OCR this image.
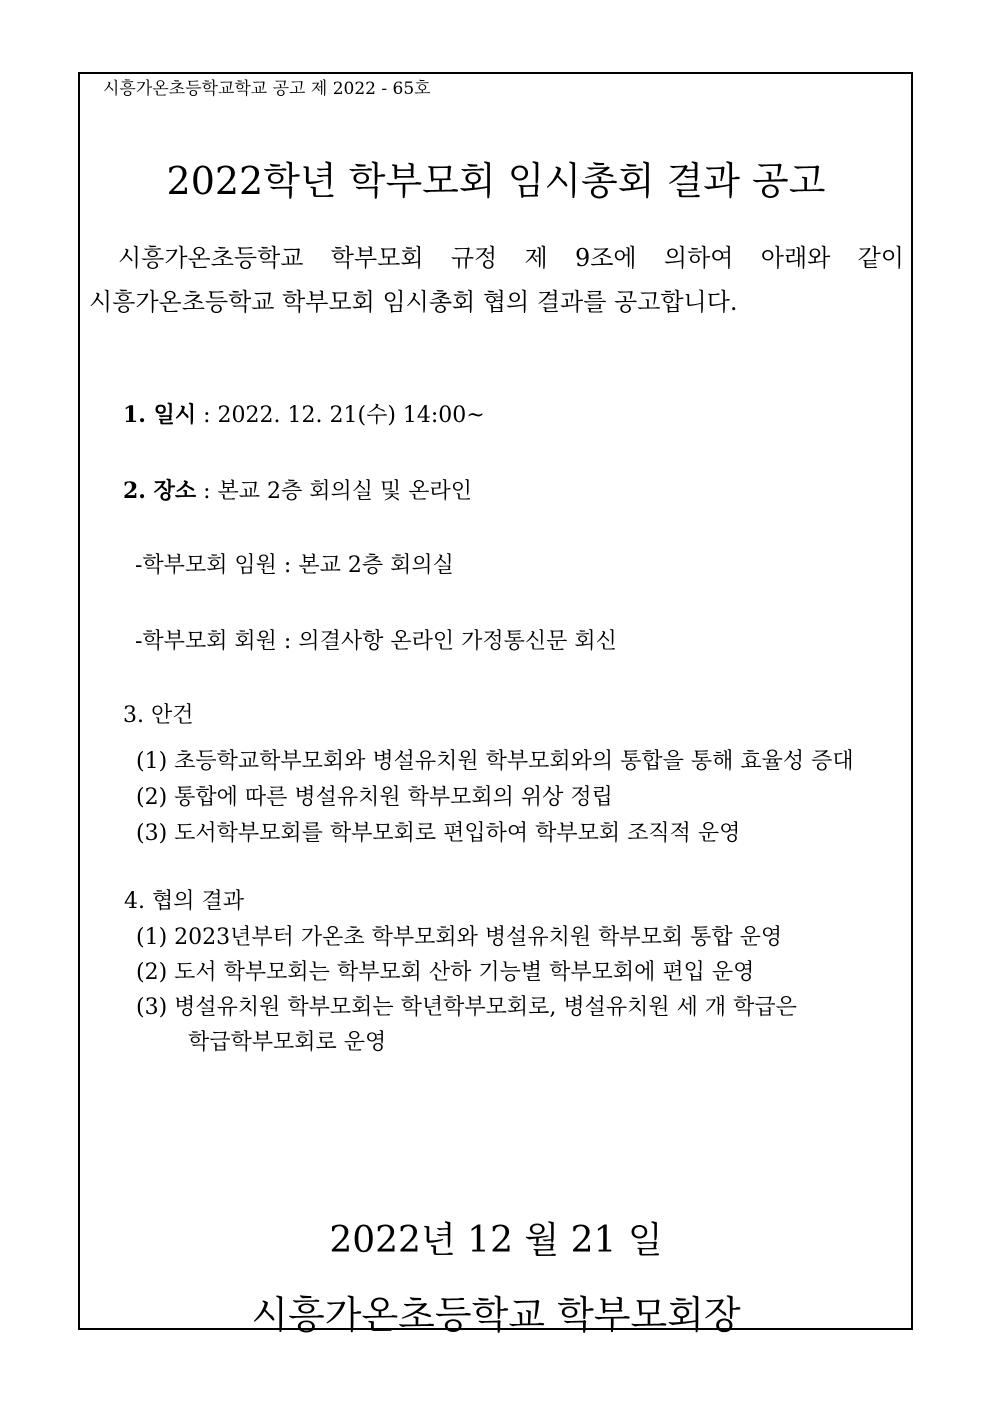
시흥가온초등학교학교 공고 제 2022 - 65호
2022학년 학부모회 임시총회 결과 공고
시흥가온초등학교 학부모회 규정 제 9조에 의하여 아래와 같이
시흥가온초등학교 학부모회 임시총회 협의 결과를 공고합니다.
1. 일시 : 2022. 12. 21(수) 14:00~
2. 장소 : 본교 2층 회의실 및 온라인
-학부모회 임원 : 본교 2층 회의실
-학부모회 회원 : 의결사항 온라인 가정통신문 회신
3. 안건
(1) 초등학교학부모회와 병설유치원 학부모회와의 통합을 통해 효율성 증대
(2) 통합에 따른 병설유치원 학부모회의 위상 정립
(3) 도서학부모회를 학부모회로 편입하여 학부모회 조직적 운영
4. 협의 결과
(1) 2023년부터 가온초 학부모회와 병설유치원 학부모회 통합 운영
(2) 도서 학부모회는 학부모회 산하 기능별 학부모회에 편입 운영
(3) 병설유치원 학부모회는 학년학부모회로, 병설유치원 세 개 학급은
학급학부모회로 운영
2022년 12 월 21 일
시흥가온초등학교 학부모회장
